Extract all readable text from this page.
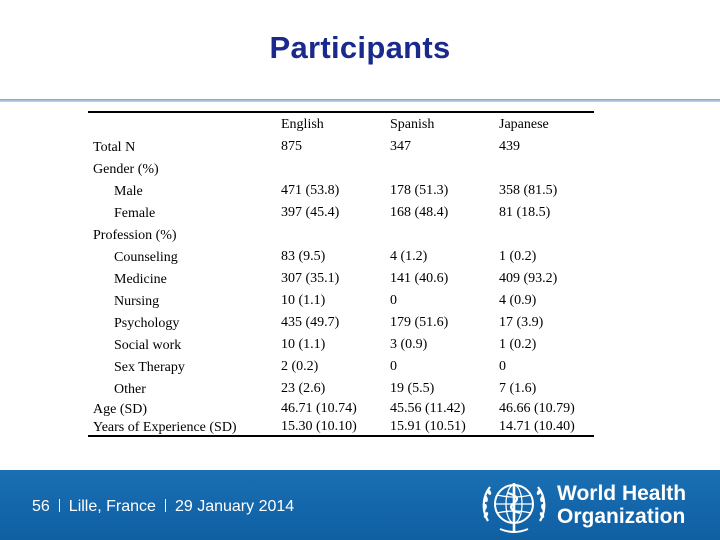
Participants
Total N
Gender (%)
Male
Female
Profession (%)
Counseling
Medicine
Nursing
Psychology
Social work
Sex Therapy
Other
Age (SD)
Years of Experience (SD)
English
875
471 (53.8)
397 (45.4)
83 (9.5)
307 (35.1)
10 (1.1)
435 (49.7)
10 (1.1)
2 (0.2)
23 (2.6)
46.71 (10.74)
15.30 (10.10)
Spanish
347
178 (51.3)
168 (48.4)
4 (1.2)
141 (40.6)
0
179 (51.6)
3 (0.9)
0
19 (5.5)
45.56 (11.42)
15.91 (10.51)
Japanese
439
358 (81.5)
81 (18.5)
1 (0.2)
409 (93.2)
4 (0.9)
17 (3.9)
1 (0.2)
0
7 (1.6)
46.66 (10.79)
14.71 (10.40)
56 Lille, France 29 January 2014
World Health
Organization
